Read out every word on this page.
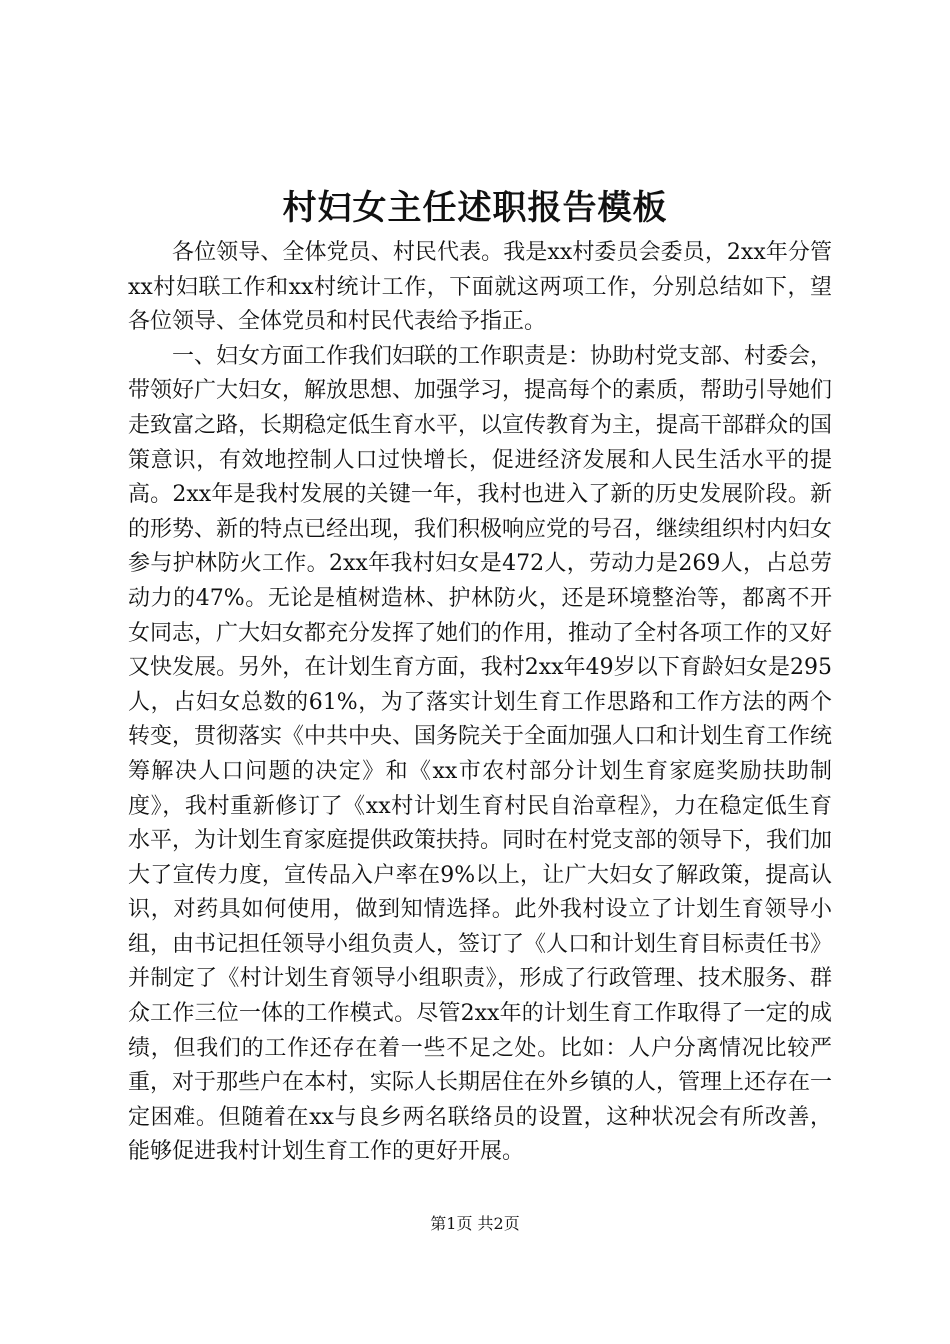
村妇女主任述职报告模板

各位领导、全体党员、村民代表。我是xx村委员会委员，2xx年分管xx村妇联工作和xx村统计工作，下面就这两项工作，分别总结如下，望各位领导、全体党员和村民代表给予指正。

一、妇女方面工作我们妇联的工作职责是：协助村党支部、村委会，带领好广大妇女，解放思想、加强学习，提高每个的素质，帮助引导她们走致富之路，长期稳定低生育水平，以宣传教育为主，提高干部群众的国策意识，有效地控制人口过快增长，促进经济发展和人民生活水平的提高。2xx年是我村发展的关键一年，我村也进入了新的历史发展阶段。新的形势、新的特点已经出现，我们积极响应党的号召，继续组织村内妇女参与护林防火工作。2xx年我村妇女是472人，劳动力是269人，占总劳动力的47%。无论是植树造林、护林防火，还是环境整治等，都离不开女同志，广大妇女都充分发挥了她们的作用，推动了全村各项工作的又好又快发展。另外，在计划生育方面，我村2xx年49岁以下育龄妇女是295人，占妇女总数的61%，为了落实计划生育工作思路和工作方法的两个转变，贯彻落实《中共中央、国务院关于全面加强人口和计划生育工作统筹解决人口问题的决定》和《xx市农村部分计划生育家庭奖励扶助制度》，我村重新修订了《xx村计划生育村民自治章程》，力在稳定低生育水平，为计划生育家庭提供政策扶持。同时在村党支部的领导下，我们加大了宣传力度，宣传品入户率在9%以上，让广大妇女了解政策，提高认识，对药具如何使用，做到知情选择。此外我村设立了计划生育领导小组，由书记担任领导小组负责人，签订了《人口和计划生育目标责任书》并制定了《村计划生育领导小组职责》，形成了行政管理、技术服务、群众工作三位一体的工作模式。尽管2xx年的计划生育工作取得了一定的成绩，但我们的工作还存在着一些不足之处。比如：人户分离情况比较严重，对于那些户在本村，实际人长期居住在外乡镇的人，管理上还存在一定困难。但随着在xx与良乡两名联络员的设置，这种状况会有所改善，能够促进我村计划生育工作的更好开展。

第1页 共2页
